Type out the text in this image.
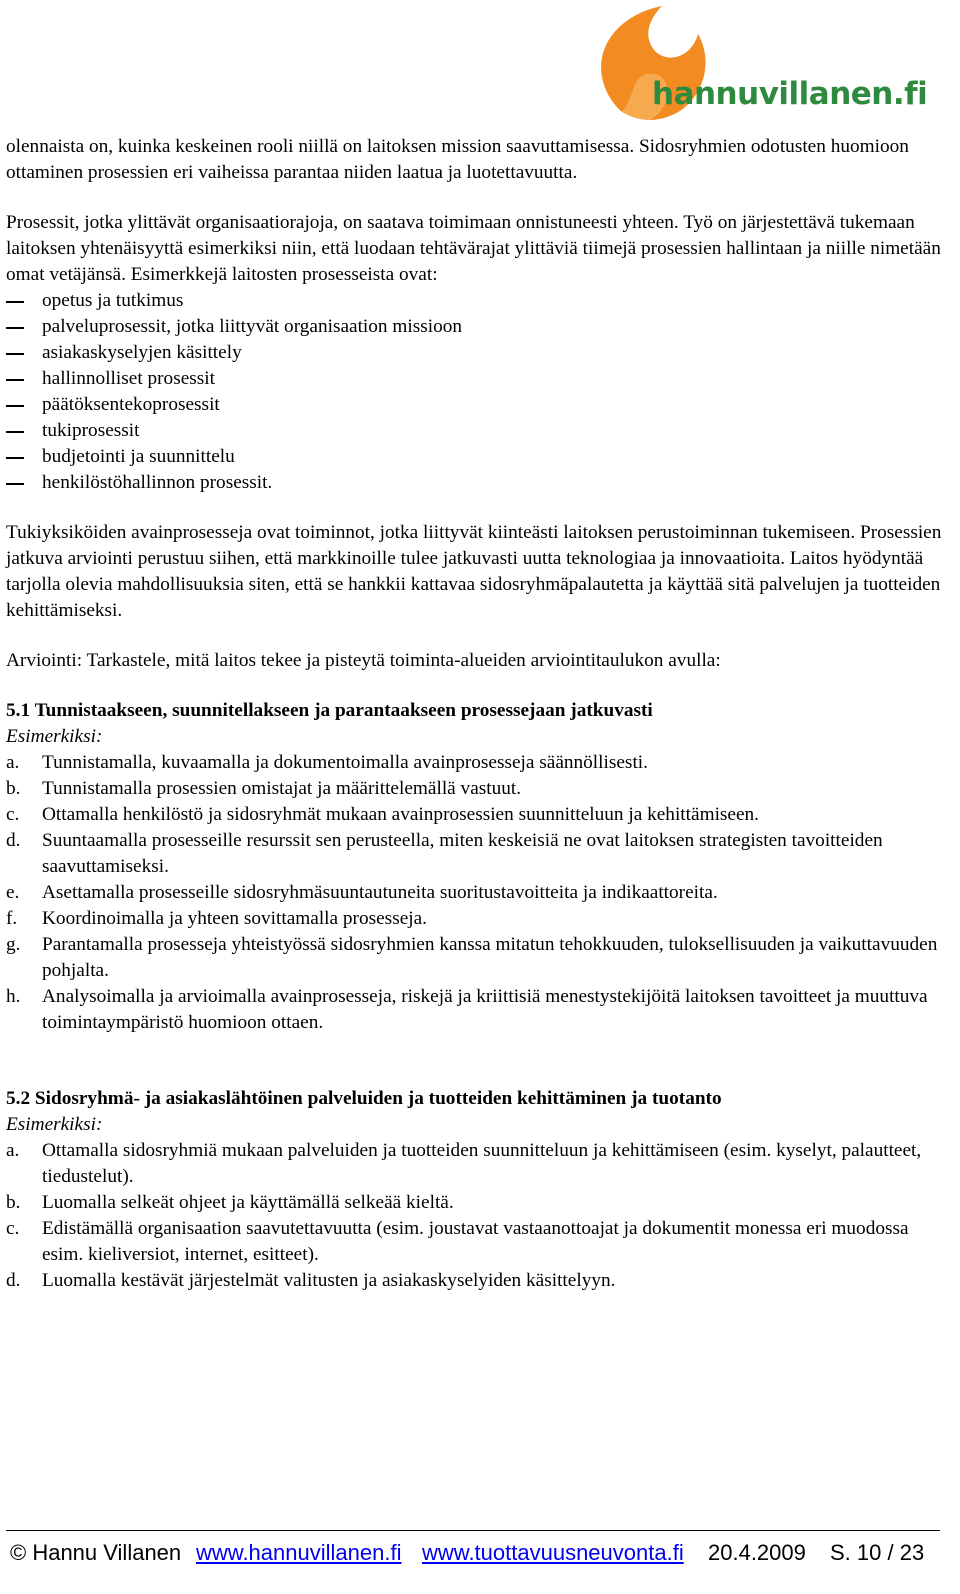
hannuvillanen.fi

olennaista on, kuinka keskeinen rooli niillä on laitoksen mission saavuttamisessa. Sidosryhmien odotusten huomioon ottaminen prosessien eri vaiheissa parantaa niiden laatua ja luotettavuutta.

Prosessit, jotka ylittävät organisaatiorajoja, on saatava toimimaan onnistuneesti yhteen. Työ on järjestettävä tukemaan laitoksen yhtenäisyyttä esimerkiksi niin, että luodaan tehtävärajat ylittäviä tiimejä prosessien hallintaan ja niille nimetään omat vetäjänsä. Esimerkkejä laitosten prosesseista ovat:

opetus ja tutkimus
palveluprosessit, jotka liittyvät organisaation missioon
asiakaskyselyjen käsittely
hallinnolliset prosessit
päätöksentekoprosessit
tukiprosessit
budjetointi ja suunnittelu
henkilöstöhallinnon prosessit.

Tukiyksiköiden avainprosesseja ovat toiminnot, jotka liittyvät kiinteästi laitoksen perustoiminnan tukemiseen. Prosessien jatkuva arviointi perustuu siihen, että markkinoille tulee jatkuvasti uutta teknologiaa ja innovaatioita. Laitos hyödyntää tarjolla olevia mahdollisuuksia siten, että se hankkii kattavaa sidosryhmäpalautetta ja käyttää sitä palvelujen ja tuotteiden kehittämiseksi.

Arviointi: Tarkastele, mitä laitos tekee ja pisteytä toiminta-alueiden arviointitaulukon avulla:

5.1 Tunnistaakseen, suunnitellakseen ja parantaakseen prosessejaan jatkuvasti

Esimerkiksi:

a. Tunnistamalla, kuvaamalla ja dokumentoimalla avainprosesseja säännöllisesti.
b. Tunnistamalla prosessien omistajat ja määrittelemällä vastuut.
c. Ottamalla henkilöstö ja sidosryhmät mukaan avainprosessien suunnitteluun ja kehittämiseen.
d. Suuntaamalla prosesseille resurssit sen perusteella, miten keskeisiä ne ovat laitoksen strategisten tavoitteiden saavuttamiseksi.
e. Asettamalla prosesseille sidosryhmäsuuntautuneita suoritustavoitteita ja indikaattoreita.
f. Koordinoimalla ja yhteen sovittamalla prosesseja.
g. Parantamalla prosesseja yhteistyössä sidosryhmien kanssa mitatun tehokkuuden, tuloksellisuuden ja vaikuttavuuden pohjalta.
h. Analysoimalla ja arvioimalla avainprosesseja, riskejä ja kriittisiä menestystekijöitä laitoksen tavoitteet ja muuttuva toimintaympäristö huomioon ottaen.

5.2 Sidosryhmä- ja asiakaslähtöinen palveluiden ja tuotteiden kehittäminen ja tuotanto

Esimerkiksi:

a. Ottamalla sidosryhmiä mukaan palveluiden ja tuotteiden suunnitteluun ja kehittämiseen (esim. kyselyt, palautteet, tiedustelut).
b. Luomalla selkeät ohjeet ja käyttämällä selkeää kieltä.
c. Edistämällä organisaation saavutettavuutta (esim. joustavat vastaanottoajat ja dokumentit monessa eri muodossa esim. kieliversiot, internet, esitteet).
d. Luomalla kestävät järjestelmät valitusten ja asiakaskyselyiden käsittelyyn.
© Hannu Villanen www.hannuvillanen.fi www.tuottavuusneuvonta.fi 20.4.2009 S. 10 / 23
